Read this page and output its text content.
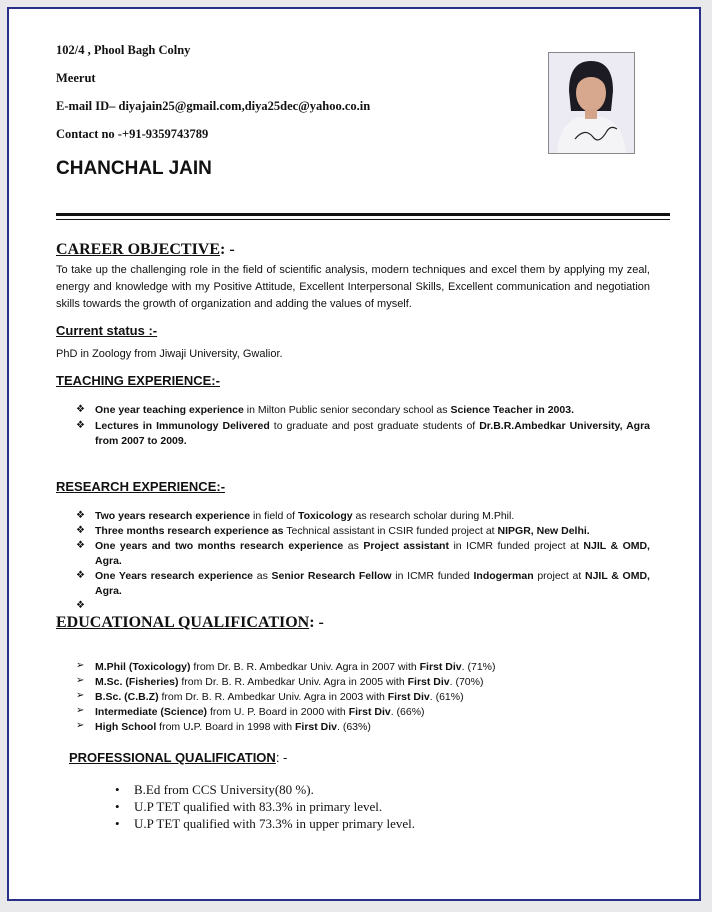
102/4 , Phool Bagh Colny
Meerut
E-mail ID– diyajain25@gmail.com,diya25dec@yahoo.co.in
Contact no -+91-9359743789
CHANCHAL JAIN
CAREER OBJECTIVE: -
To take up the challenging role in the field of scientific analysis, modern techniques and excel them by applying my zeal, energy and knowledge with my Positive Attitude, Excellent Interpersonal Skills, Excellent communication and negotiation skills towards the growth of organization and adding the values of myself.
Current status :-
PhD in Zoology from Jiwaji University, Gwalior.
TEACHING EXPERIENCE:-
❖ One year teaching experience in Milton Public senior secondary school as Science Teacher in 2003.
❖ Lectures in Immunology Delivered to graduate and post graduate students of Dr.B.R.Ambedkar University, Agra from 2007 to 2009.
RESEARCH EXPERIENCE:-
❖ Two years research experience in field of Toxicology as research scholar during M.Phil.
❖ Three months research experience as Technical assistant in CSIR funded project at NIPGR, New Delhi.
❖ One years and two months research experience as Project assistant in ICMR funded project at NJIL & OMD, Agra.
❖ One Years research experience as Senior Research Fellow in ICMR funded Indogerman project at NJIL & OMD, Agra.
❖
EDUCATIONAL QUALIFICATION: -
➢ M.Phil (Toxicology) from Dr. B. R. Ambedkar Univ. Agra in 2007 with First Div. (71%)
➢ M.Sc. (Fisheries) from Dr. B. R. Ambedkar Univ. Agra in 2005 with First Div. (70%)
➢ B.Sc. (C.B.Z) from Dr. B. R. Ambedkar Univ. Agra in 2003 with First Div. (61%)
➢ Intermediate (Science) from U. P. Board in 2000 with First Div. (66%)
➢ High School from U.P. Board in 1998 with First Div. (63%)
PROFESSIONAL QUALIFICATION: -
• B.Ed from CCS University(80 %).
• U.P TET qualified with 83.3% in primary level.
• U.P TET qualified with 73.3% in upper primary level.
